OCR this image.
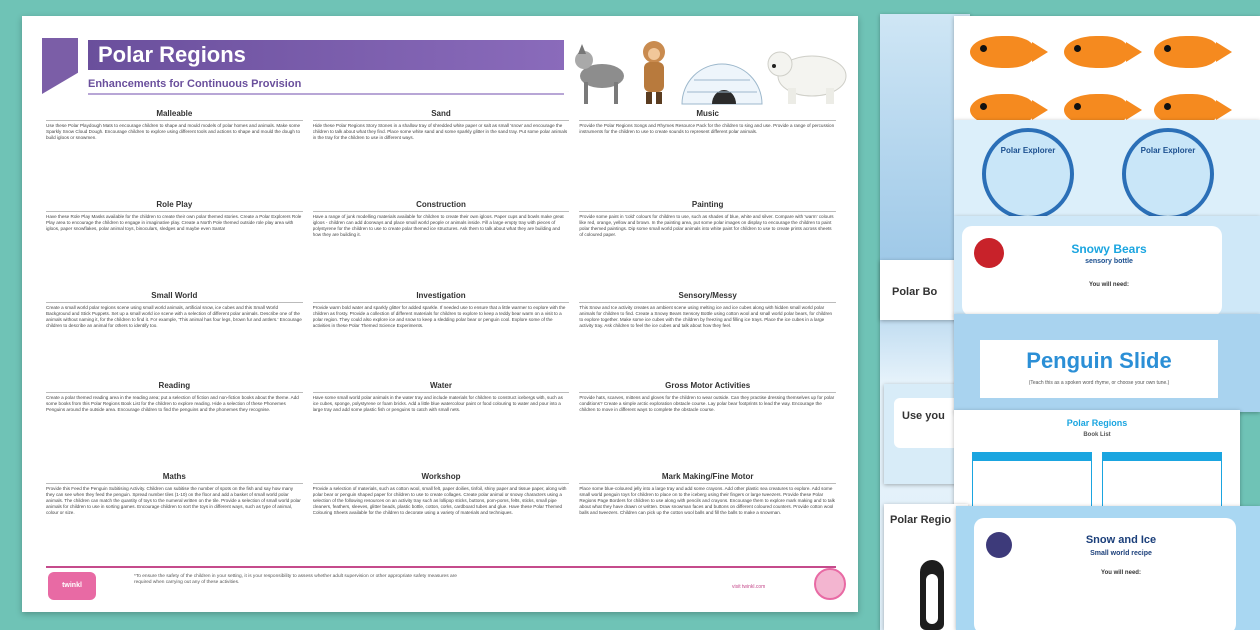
Polar Regions
Enhancements for Continuous Provision
Malleable

Use these Polar Playdough Mats to encourage children to shape and mould models of polar homes and animals. Make some Sparkly Snow Cloud Dough. Encourage children to explore using different tools and actions to shape and mould the dough to build igloos or snowmen.

Role Play

Have these Role Play Masks available for the children to create their own polar themed stories. Create a Polar Explorers Role Play area to encourage the children to engage in imaginative play. Create a North Pole themed outside role play area with igloos, paper snowflakes, polar animal toys, binoculars, sledges and maybe even Santa!

Small World

Create a small world polar regions scene using small world animals, artificial snow, ice cubes and this Small World Background and Stick Puppets. Set up a small world ice scene with a selection of different polar animals. Describe one of the animals without naming it, for the children to find it. For example, 'This animal has four legs, brown fur and antlers.' Encourage children to describe an animal for others to identify too.

Reading

Create a polar themed reading area in the reading area; put a selection of fiction and non-fiction books about the theme. Add some books from this Polar Regions Book List for the children to explore reading. Hide a selection of these Phonemes Penguins around the outside area. Encourage children to find the penguins and the phonemes they recognise.

Maths

Provide this Feed the Penguin Subitising Activity. Children can subitise the number of spots on the fish and say how many they can see when they feed the penguin. Spread number tiles (1-10) on the floor and add a basket of small world polar animals. The children can match the quantity of toys to the numeral written on the tile. Provide a selection of small world polar animals for children to use in sorting games. Encourage children to sort the toys in different ways, such as type of animal, colour or size.

Sand

Hide these Polar Regions Story Stones in a shallow tray of shredded white paper or salt as small 'snow' and encourage the children to talk about what they find. Place some white sand and some sparkly glitter in the sand tray. Put some polar animals in the tray for the children to use in different ways.

Construction

Have a range of junk modelling materials available for children to create their own igloos. Paper cups and bowls make great igloos - children can add doorways and place small world people or animals inside. Fill a large empty tray with pieces of polystyrene for the children to use to create polar themed ice structures. Ask them to talk about what they are building and how they are building it.

Investigation

Provide warm bold water and sparkly glitter for added sparkle. If needed use to ensure that a little warmer to explore with the children as frosty. Provide a collection of different materials for children to explore to keep a teddy bear warm on a visit to a polar region. They could also explore ice and snow to keep a sledding polar bear or penguin cool. Explore some of the activities in these Polar Themed Science Experiments.

Water

Have some small world polar animals in the water tray and include materials for children to construct icebergs with, such as ice cubes, sponge, polystyrene or foam bricks. Add a little blue watercolour paint or food colouring to water and pour into a large tray and add some plastic fish or penguins to catch with small nets.

Workshop

Provide a selection of materials, such as cotton wool, small felt, paper doilies, tinfoil, shiny paper and tissue paper, along with polar bear or penguin shaped paper for children to use to create collages. Create polar animal or snowy characters using a selection of the following resources on an activity tray such as lollipop sticks, buttons, pom-poms, felts, sticks, small pipe cleaners, feathers, sleeves, glitter beads, plastic bottle, cotton, corks, cardboard tubes and glue. Have these Polar Themed Colouring Sheets available for the children to decorate using a variety of materials and techniques.

Music

Provide the Polar Regions Songs and Rhymes Resource Pack for the children to sing and use. Provide a range of percussion instruments for the children to use to create sounds to represent different polar animals.

Painting

Provide some paint in 'cold' colours for children to use, such as shades of blue, white and silver. Compare with 'warm' colours like red, orange, yellow and brown. In the painting area, put some polar images on display to encourage the children to paint polar themed paintings. Dip some small world polar animals into white paint for children to use to create prints across sheets of coloured paper.

Sensory/Messy

This Snow and Ice activity creates an ambient scene using melting ice and ice cubes along with hidden small world polar animals for children to find. Create a Snowy Bears Sensory Bottle using cotton wool and small world polar bears, for children to explore together. Make some ice cubes with the children by freezing and filling ice trays. Place the ice cubes in a large activity tray. Ask children to feel the ice cubes and talk about how they feel.

Gross Motor Activities

Provide hats, scarves, mittens and gloves for the children to wear outside. Can they practise dressing themselves up for polar conditions? Create a simple arctic exploration obstacle course. Lay polar bear footprints to lead the way. Encourage the children to move in different ways to complete the obstacle course.

Mark Making/Fine Motor

Place some blue-coloured jelly into a large tray and add some crayons. Add other plastic sea creatures to explore. Add some small world penguin toys for children to place on to the iceberg using their fingers or large tweezers. Provide these Polar Regions Page Borders for children to use along with pencils and crayons. Encourage them to explore mark making and to talk about what they have drawn or written. Draw snowman faces and buttons on different coloured counters. Provide cotton wool balls and tweezers. Children can pick up the cotton wool balls and fill the balls to make a snowman.

twinkl
*To ensure the safety of the children in your setting, it is your responsibility to assess whether adult supervision or other appropriate safety measures are required when carrying out any of these activities.
visit twinkl.com
Polar Explorer	Polar Explorer
Polar Bo
Snowy Bears
sensory bottle
You will need:
Use you
Penguin Slide
(Teach this as a spoken word rhyme, or choose your own tune.)
Polar Regions
Book List
Polar Regio
Snow and Ice
Small world recipe
You will need:
